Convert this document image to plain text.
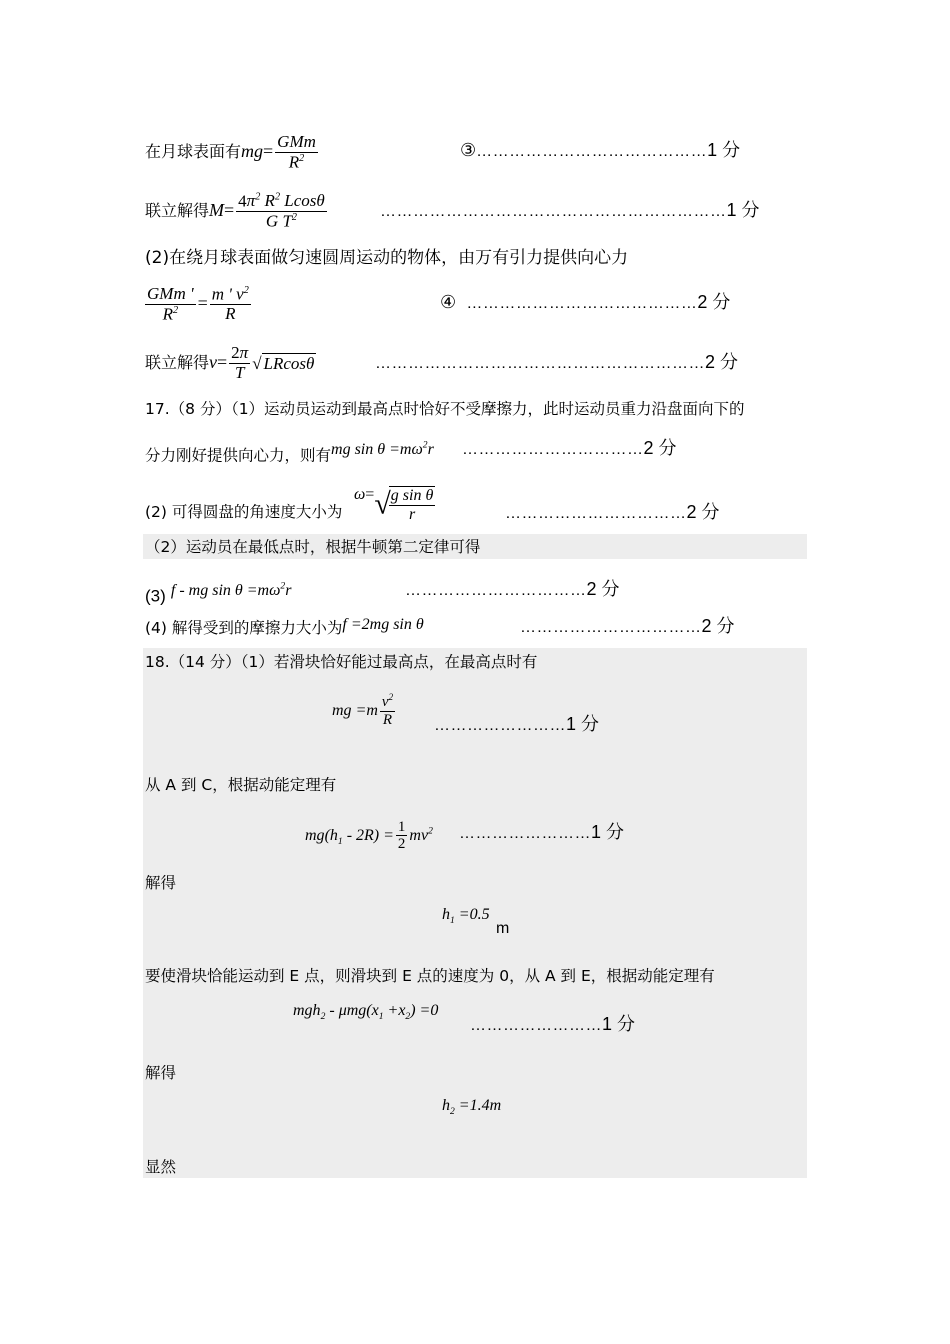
在月球表面有$mg= \frac{\text{GMm}}{R^2}$	③……………………………………1 分
联立解得$M= \frac{4\pi^2 R^2 Lcos\theta}{G T^2}$	………………………………………………………1 分
(2)在绕月球表面做匀速圆周运动的物体，由万有引力提供向心力
$\frac{\text{GMm '}}{R^2} = \frac{m ' v^2}{R}$	④ ……………………………………2 分
联立解得$v= \frac{2\pi}{T}$ √ LRcosθ	……………………………………………………2 分
17.（8 分）（1）运动员运动到最高点时恰好不受摩擦力，此时运动员重力沿盘面向下的
分力刚好提供向心力，则有mg $\sin \theta =m\omega^2r$ ……………………………2 分
(2) 可得圆盘的角速度大小为
ω=√
$\frac{\text{g sin θ}}{r}$	……………………………2 分
（2）运动员在最低点时，根据牛顿第二定律可得
(3) f - mg $\sin \theta =m\omega^2r$	……………………………2 分
(4) 解得受到的摩擦力大小为f =2mg sin θ	……………………………2 分
18.（14 分）（1）若滑块恰好能过最高点，在最高点时有
mg $=m \frac{v^2}{R}$ ……………………1 分
从 A 到 C，根据动能定理有
$mg(h_1 - 2R) = \frac{1}{2} mv^2$ ……………………1 分
解得
$h_1 =0.5$
m
要使滑块恰能运动到 E 点，则滑块到 E 点的速度为 0，从 A 到 E，根据动能定理有
$mgh_2 - \mu mg(x_1 +x_2) =0$
……………………1 分
解得
$h_2 =1.4m$
显然
